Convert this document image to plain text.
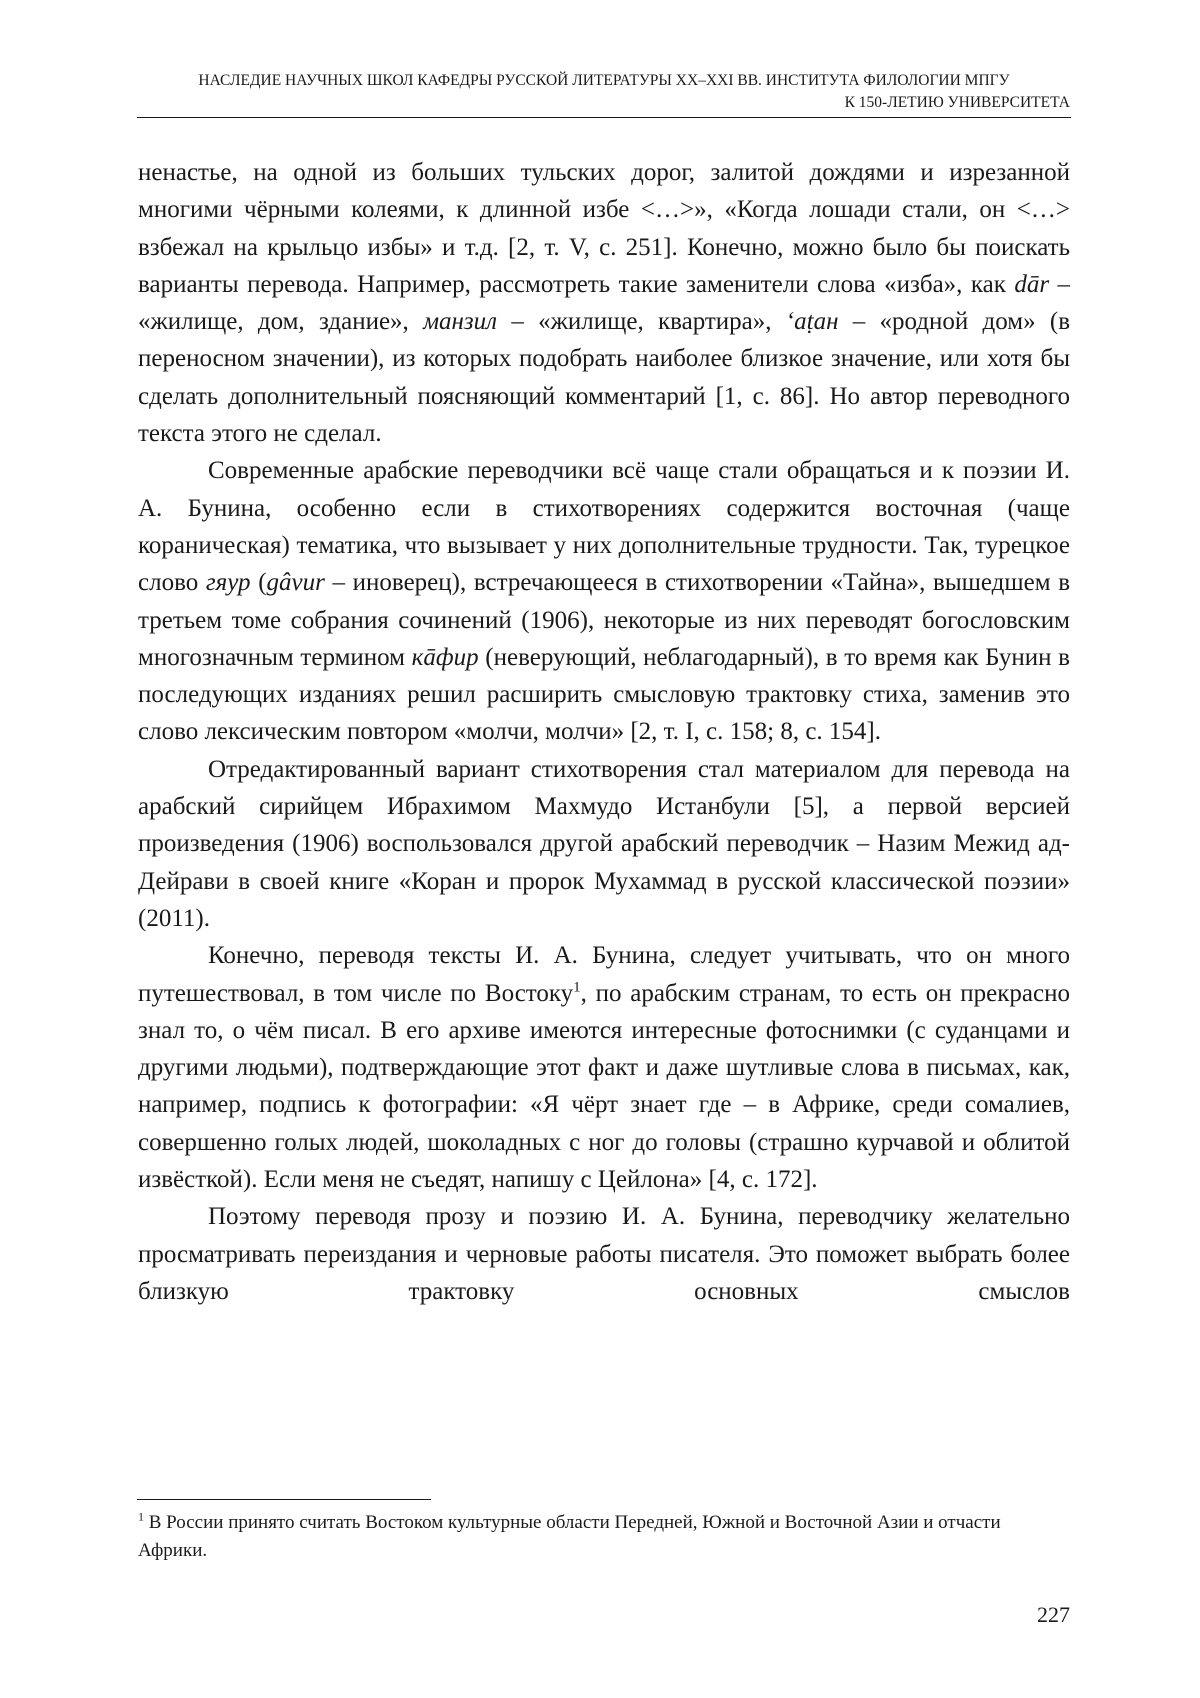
НАСЛЕДИЕ НАУЧНЫХ ШКОЛ КАФЕДРЫ РУССКОЙ ЛИТЕРАТУРЫ XX–XXI ВВ. ИНСТИТУТА ФИЛОЛОГИИ МПГУ
К 150-ЛЕТИЮ УНИВЕРСИТЕТА

ненастье, на одной из больших тульских дорог, залитой дождями и изрезанной многими чёрными колеями, к длинной избе <…>», «Когда лошади стали, он <…> взбежал на крыльцо избы» и т.д. [2, т. V, с. 251]. Конечно, можно было бы поискать варианты перевода. Например, рассмотреть такие заменители слова «изба», как dār – «жилище, дом, здание», манзил – «жилище, квартира», ʻаṭан – «родной дом» (в переносном значении), из которых подобрать наиболее близкое значение, или хотя бы сделать дополнительный поясняющий комментарий [1, с. 86]. Но автор переводного текста этого не сделал.

Современные арабские переводчики всё чаще стали обращаться и к поэзии И. А. Бунина, особенно если в стихотворениях содержится восточная (чаще кораническая) тематика, что вызывает у них дополнительные трудности. Так, турецкое слово гяур (gâvur – иноверец), встречающееся в стихотворении «Тайна», вышедшем в третьем томе собрания сочинений (1906), некоторые из них переводят богословским многозначным термином кāфир (неверующий, неблагодарный), в то время как Бунин в последующих изданиях решил расширить смысловую трактовку стиха, заменив это слово лексическим повтором «молчи, молчи» [2, т. I, с. 158; 8, с. 154].

Отредактированный вариант стихотворения стал материалом для перевода на арабский сирийцем Ибрахимом Махмудо Истанбули [5], а первой версией произведения (1906) воспользовался другой арабский переводчик – Назим Межид ад-Дейрави в своей книге «Коран и пророк Мухаммад в русской классической поэзии» (2011).

Конечно, переводя тексты И. А. Бунина, следует учитывать, что он много путешествовал, в том числе по Востоку1, по арабским странам, то есть он прекрасно знал то, о чём писал. В его архиве имеются интересные фотоснимки (с суданцами и другими людьми), подтверждающие этот факт и даже шутливые слова в письмах, как, например, подпись к фотографии: «Я чёрт знает где – в Африке, среди сомалиев, совершенно голых людей, шоколадных с ног до головы (страшно курчавой и облитой извёсткой). Если меня не съедят, напишу с Цейлона» [4, с. 172].

Поэтому переводя прозу и поэзию И. А. Бунина, переводчику желательно просматривать переиздания и черновые работы писателя. Это поможет выбрать более близкую трактовку основных смыслов

1 В России принято считать Востоком культурные области Передней, Южной и Восточной Азии и отчасти Африки.
227
